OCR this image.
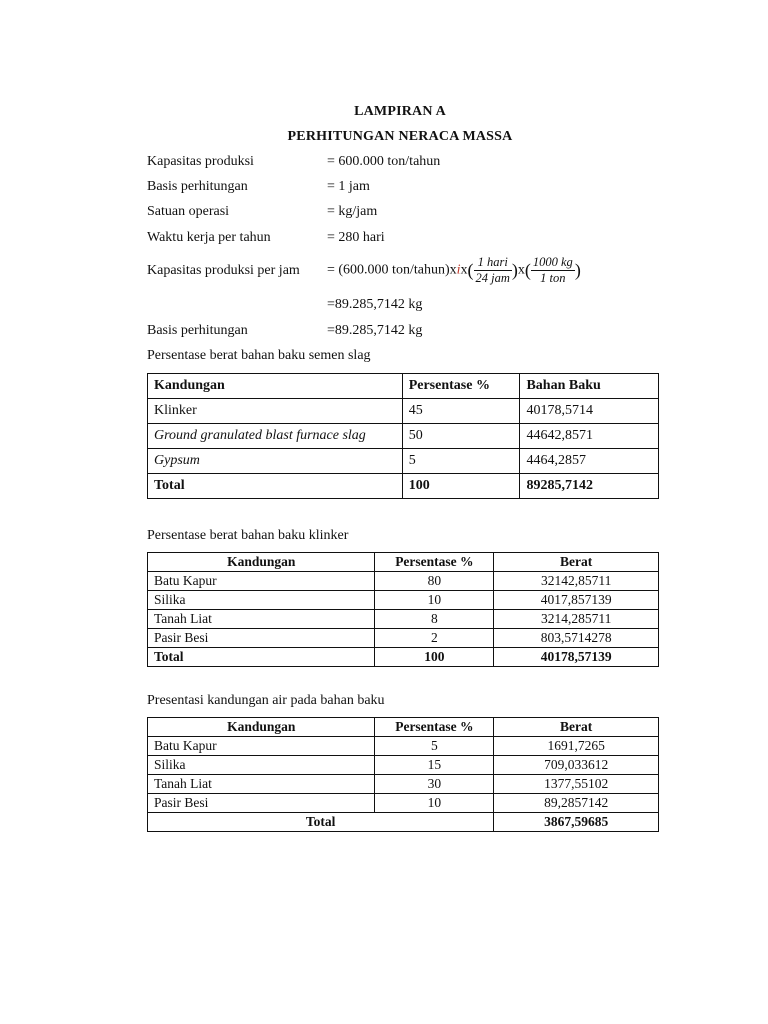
LAMPIRAN A
PERHITUNGAN NERACA MASSA
Kapasitas produksi	= 600.000 ton/tahun
Basis perhitungan	= 1 jam
Satuan operasi	= kg/jam
Waktu kerja per tahun	= 280 hari
Kapasitas produksi per jam = (600.000 ton/tahun)xix( $\frac{\text{1 hari}}{\text{24 jam}} )x( \frac{1000 kg}{\text{1 ton}}$ )
=89.285,7142 kg
Basis perhitungan	=89.285,7142 kg
Persentase berat bahan baku semen slag
Kandungan	Persentase %	Bahan Baku
Klinker	45	40178,5714
Ground granulated blast furnace slag	50	44642,8571
Gypsum	5	4464,2857
Total	100	89285,7142
Persentase berat bahan baku klinker
Kandungan	Persentase %	Berat
Batu Kapur	80	32142,85711
Silika	10	4017,857139
Tanah Liat	8	3214,285711
Pasir Besi	2	803,5714278
Total	100	40178,57139
Presentasi kandungan air pada bahan baku
Kandungan	Persentase %	Berat
Batu Kapur	5	1691,7265
Silika	15	709,033612
Tanah Liat	30	1377,55102
Pasir Besi	10	89,2857142
Total		3867,59685
